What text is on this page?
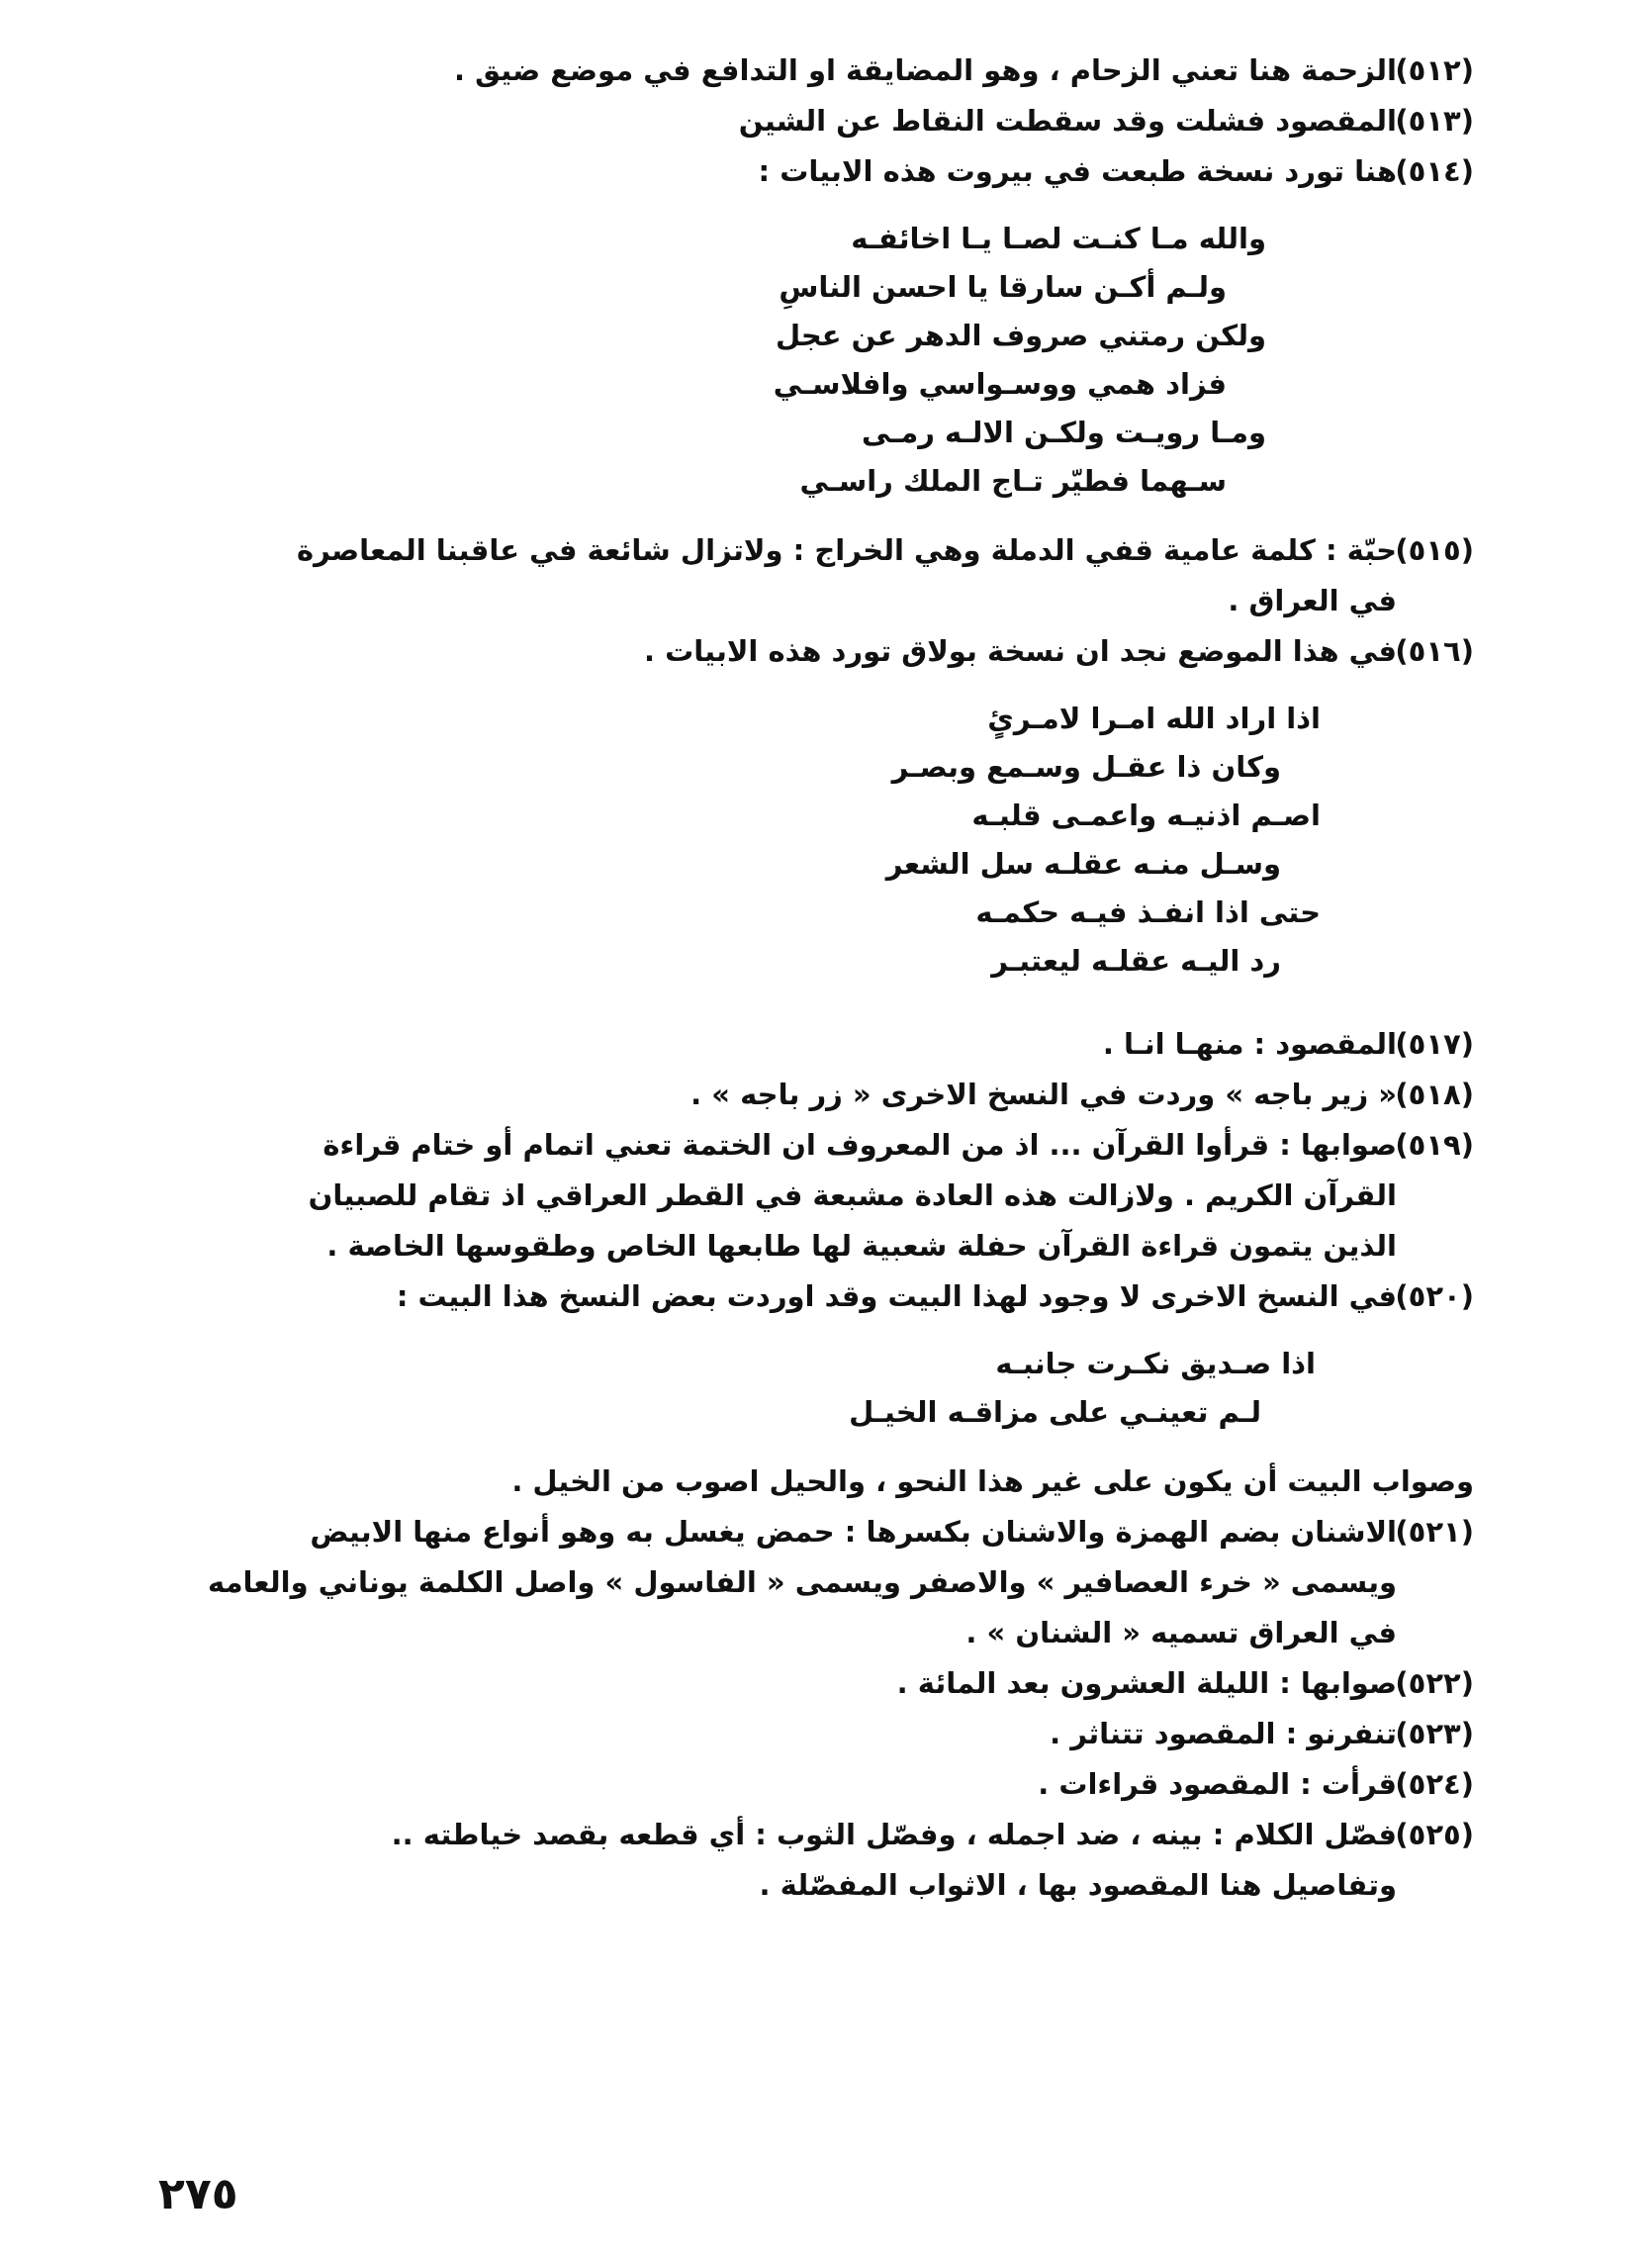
(٥١٢)
الزحمة هنا تعني الزحام ، وهو المضايقة او التدافع في موضع ضيق .

(٥١٣)
المقصود فشلت وقد سقطت النقاط عن الشين

(٥١٤)
هنا تورد نسخة طبعت في بيروت هذه الابيات :

والله مـا كنـت لصـا يـا اخائفـه

ولـم أكـن سارقا يا احسن الناسِ

ولكن رمتني صروف الدهر عن عجل

فزاد همي ووسـواسي وافلاسـي

ومـا رويـت ولكـن الالـه رمـى

سـهما فطيّر تـاج الملك راسـي

(٥١٥)
حبّة : كلمة عامية قفي الدملة وهي الخراج : ولاتزال شائعة في عاقبنا المعاصرة
في العراق .

(٥١٦)
في هذا الموضع نجد ان نسخة بولاق تورد هذه الابيات .

اذا اراد الله امـرا لامـرئٍ

وكان ذا عقـل وسـمع وبصـر

اصـم اذنيـه واعمـى قلبـه

وسـل منـه عقلـه سل الشعر

حتى اذا انفـذ فيـه حكمـه

رد اليـه عقلـه ليعتبـر

(٥١٧)
المقصود : منهـا انـا .

(٥١٨)
« زير باجه » وردت في النسخ الاخرى « زر باجه » .

(٥١٩)
صوابها : قرأوا القرآن ... اذ من المعروف ان الختمة تعني اتمام أو ختام قراءة
القرآن الكريم . ولازالت هذه العادة مشبعة في القطر العراقي اذ تقام للصبيان
الذين يتمون قراءة القرآن حفلة شعبية لها طابعها الخاص وطقوسها الخاصة .

(٥٢٠)
في النسخ الاخرى لا وجود لهذا البيت وقد اوردت بعض النسخ هذا البيت :

اذا صـديق نكـرت جانبـه

لـم تعينـي على مزاقـه الخيـل

وصواب البيت أن يكون على غير هذا النحو ، والحيل اصوب من الخيل .

(٥٢١)
الاشنان بضم الهمزة والاشنان بكسرها : حمض يغسل به وهو أنواع منها الابيض
ويسمى « خرء العصافير » والاصفر ويسمى « الفاسول » واصل الكلمة يوناني والعامه
في العراق تسميه « الشنان » .

(٥٢٢)
صوابها : الليلة العشرون بعد المائة .

(٥٢٣)
تنفرنو : المقصود تتناثر .

(٥٢٤)
قرأت : المقصود قراءات .

(٥٢٥)
فصّل الكلام : بينه ، ضد اجمله ، وفصّل الثوب : أي قطعه بقصد خياطته ..
وتفاصيل هنا المقصود بها ، الاثواب المفصّلة .

٢٧٥
